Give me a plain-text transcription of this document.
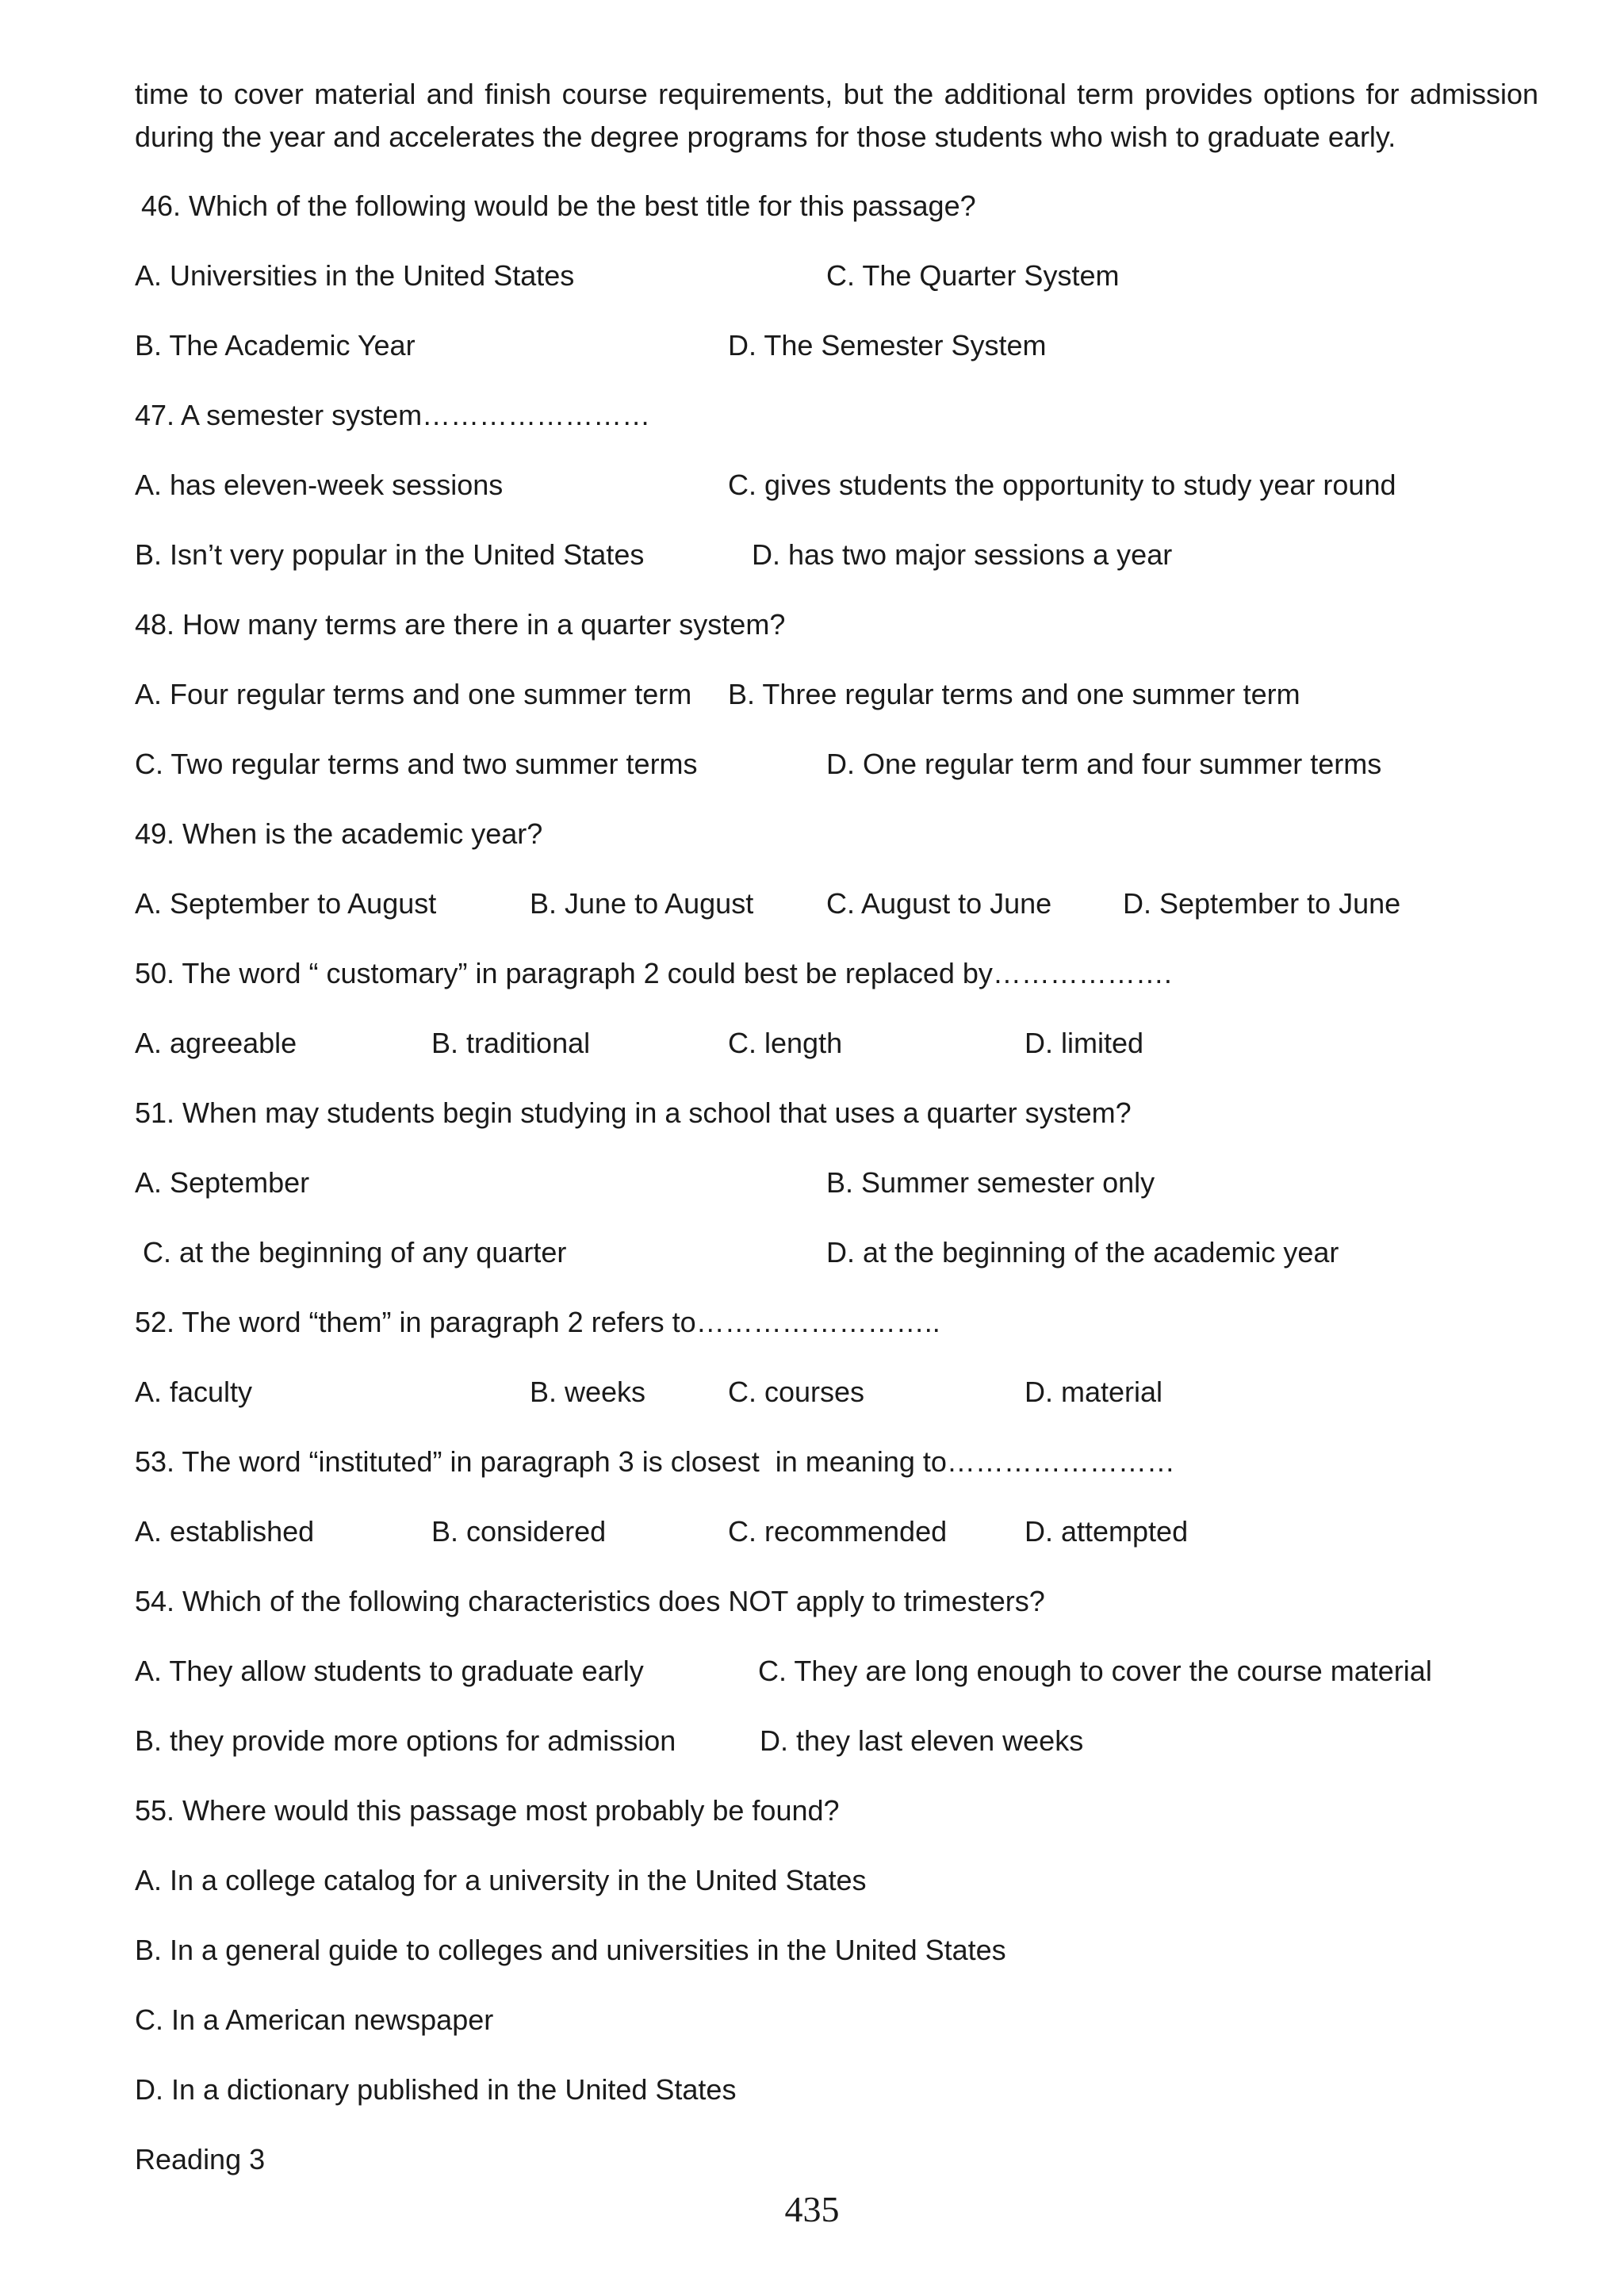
time to cover material and finish course requirements, but the additional term provides options for admission during the year and accelerates the degree programs for those students who wish to graduate early.
46. Which of the following would be the best title for this passage?
A. Universities in the United States	C. The Quarter System
B. The Academic Year	D. The Semester System
47. A semester system……………………
A. has eleven-week sessions	C. gives students the opportunity to study year round
B. Isn’t very popular in the United States	D. has two major sessions a year
48. How many terms are there in a quarter system?
A. Four regular terms and one summer term B. Three regular terms and one summer term
C. Two regular terms and two summer terms	D. One regular term and four summer terms
49. When is the academic year?
A. September to August	B. June to August	C. August to June D. September to June
50. The word “ customary” in paragraph 2 could best be replaced by……………….
A. agreeable	B. traditional	C. length	D. limited
51. When may students begin studying in a school that uses a quarter system?
A. September	B. Summer semester only
C. at the beginning of any quarter	D. at the beginning of the academic year
52. The word “them” in paragraph 2 refers to……………………..
A. faculty	B. weeks	C. courses	D. material
53. The word “instituted” in paragraph 3 is closest  in meaning to……………………
A. established	B. considered	C. recommended	D. attempted
54. Which of the following characteristics does NOT apply to trimesters?
A. They allow students to graduate early	C. They are long enough to cover the course material
B. they provide more options for admission	D. they last eleven weeks
55. Where would this passage most probably be found?
A. In a college catalog for a university in the United States
B. In a general guide to colleges and universities in the United States
C. In a American newspaper
D. In a dictionary published in the United States
Reading 3
435
